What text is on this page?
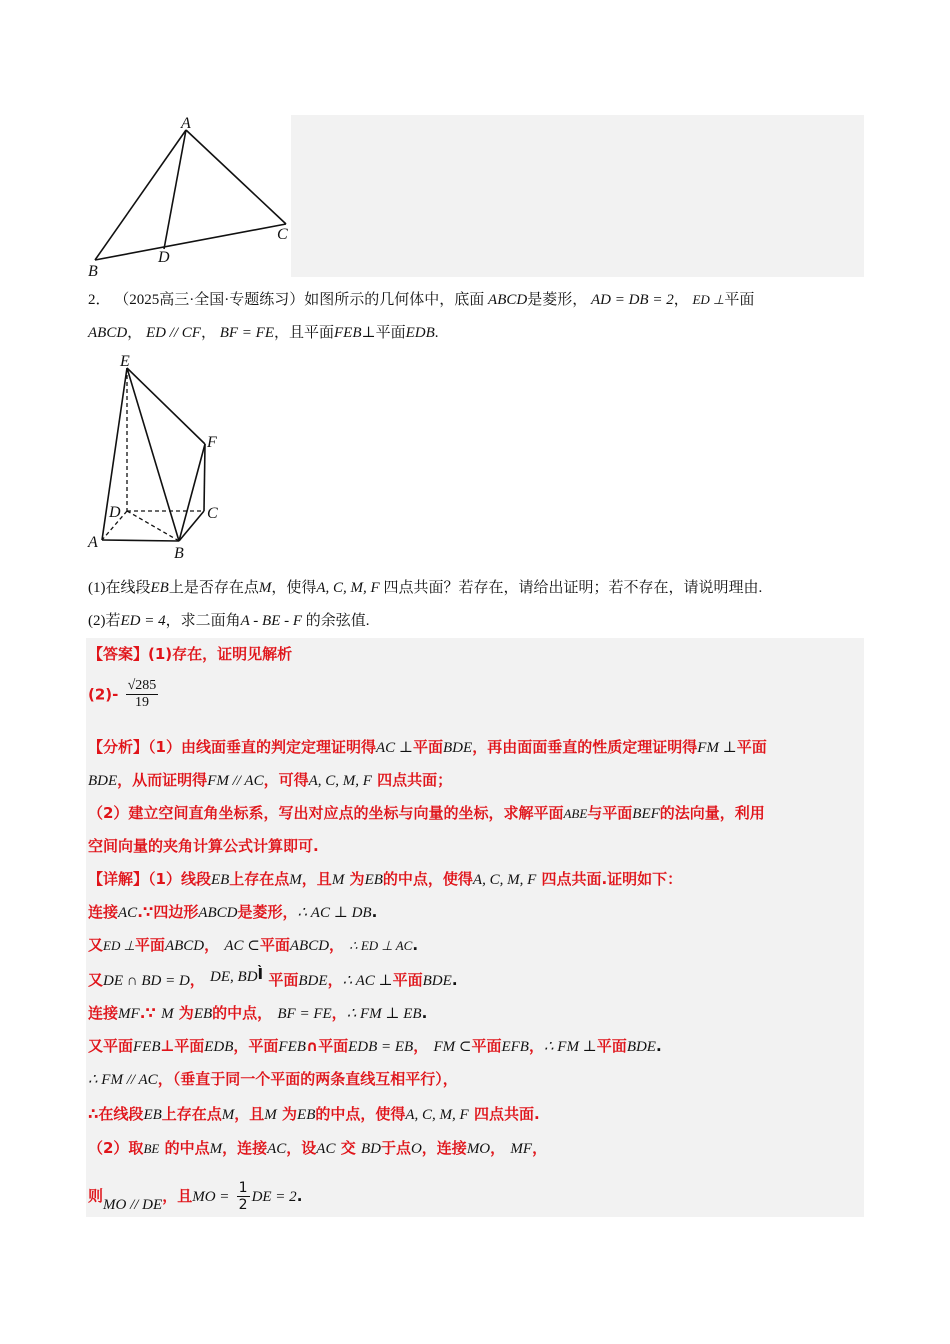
A
B
C
D
2． （2025高三·全国·专题练习）如图所示的几何体中，底面 ABCD是菱形， AD = DB = 2， ED ⊥平面
ABCD， ED // CF， BF = FE，且平面FEB⊥平面EDB.
E
F
D	C
A
B
(1)在线段EB上是否存在点M，使得A, C, M, F 四点共面？若存在，请给出证明；若不存在，请说明理由.
(2)若ED = 4，求二面角A - BE - F 的余弦值.
【答案】(1)存在，证明见解析
$(2)- \frac{√285}{19}$
【分析】（1）由线面垂直的判定定理证明得AC ⊥平面BDE，再由面面垂直的性质定理证明得FM ⊥平面
BDE，从而证明得FM // AC，可得A, C, M, F 四点共面；
（2）建立空间直角坐标系，写出对应点的坐标与向量的坐标，求解平面ABE与平面BEF的法向量，利用
空间向量的夹角计算公式计算即可.
【详解】（1）线段EB上存在点M，且M 为EB的中点，使得A, C, M, F 四点共面.证明如下：
连接AC.∵四边形ABCD是菱形，∴ AC ⊥ DB.
又ED ⊥平面ABCD， AC ⊂平面ABCD， ∴ ED ⊥ AC.
又DE ∩ BD = D， DE, BDÌ 平面BDE，∴ AC ⊥平面BDE.
连接MF.∵ M 为EB的中点， BF = FE，∴ FM ⊥ EB.
又平面FEB⊥平面EDB，平面FEB∩平面EDB = EB， FM ⊂平面EFB，∴ FM ⊥平面BDE.
∴ FM // AC，（垂直于同一个平面的两条直线互相平行），
∴在线段EB上存在点M，且M 为EB的中点，使得A, C, M, F 四点共面.
（2）取BE 的中点M，连接AC，设AC 交 BD于点O，连接MO， MF，
则MO // DE，且MO = $\frac{1}{2}$ DE = 2.
